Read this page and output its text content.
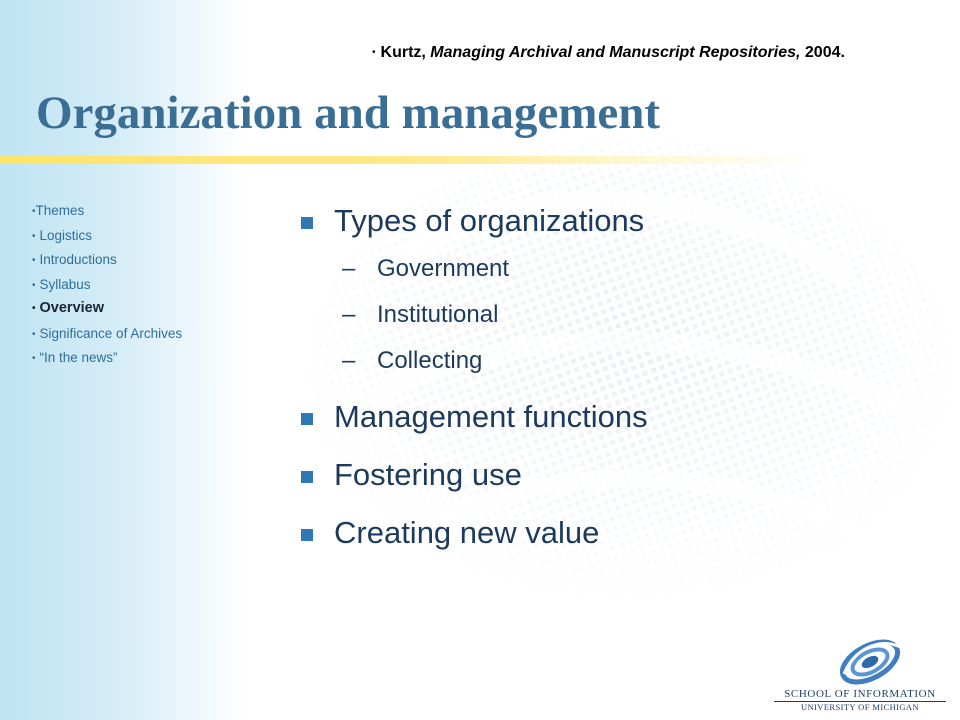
• Kurtz, Managing Archival and Manuscript Repositories, 2004.
Organization and management
•Themes
• Logistics
• Introductions
• Syllabus
• Overview
• Significance of Archives
• “In the news”
Types of organizations
– Government
– Institutional
– Collecting
Management functions
Fostering use
Creating new value
SCHOOL OF INFORMATION
UNIVERSITY OF MICHIGAN
